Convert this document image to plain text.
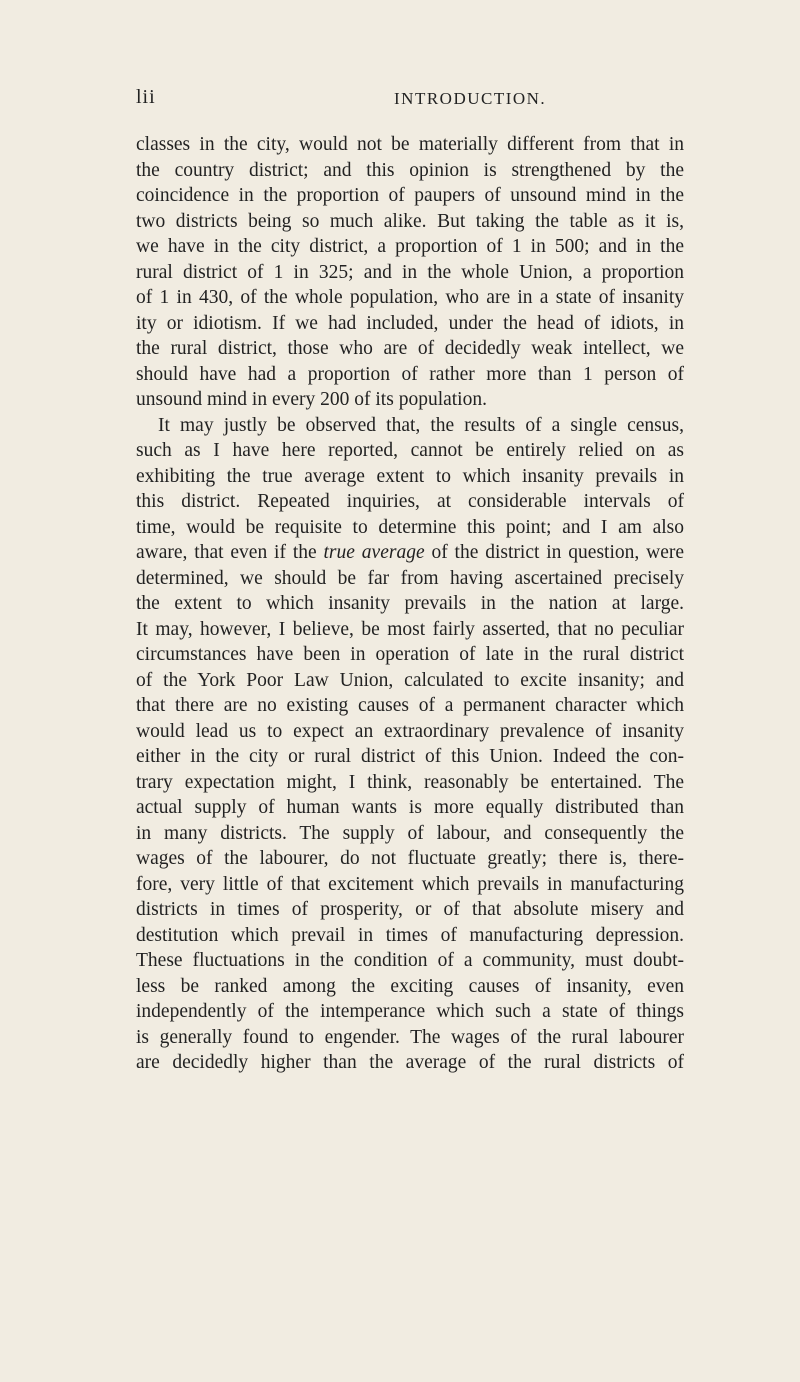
lii	INTRODUCTION.
classes in the city, would not be materially different from that in
the country district; and this opinion is strengthened by the
coincidence in the proportion of paupers of unsound mind in the
two districts being so much alike. But taking the table as it is,
we have in the city district, a proportion of 1 in 500; and in the
rural district of 1 in 325; and in the whole Union, a proportion
of 1 in 430, of the whole population, who are in a state of insanity
ity or idiotism. If we had included, under the head of idiots, in
the rural district, those who are of decidedly weak intellect, we
should have had a proportion of rather more than 1 person of
unsound mind in every 200 of its population.
It may justly be observed that, the results of a single census,
such as I have here reported, cannot be entirely relied on as
exhibiting the true average extent to which insanity prevails in
this district. Repeated inquiries, at considerable intervals of
time, would be requisite to determine this point; and I am also
aware, that even if the true average of the district in question, were
determined, we should be far from having ascertained precisely
the extent to which insanity prevails in the nation at large.
It may, however, I believe, be most fairly asserted, that no peculiar
circumstances have been in operation of late in the rural district
of the York Poor Law Union, calculated to excite insanity; and
that there are no existing causes of a permanent character which
would lead us to expect an extraordinary prevalence of insanity
either in the city or rural district of this Union. Indeed the con-
trary expectation might, I think, reasonably be entertained. The
actual supply of human wants is more equally distributed than
in many districts. The supply of labour, and consequently the
wages of the labourer, do not fluctuate greatly; there is, there-
fore, very little of that excitement which prevails in manufacturing
districts in times of prosperity, or of that absolute misery and
destitution which prevail in times of manufacturing depression.
These fluctuations in the condition of a community, must doubt-
less be ranked among the exciting causes of insanity, even
independently of the intemperance which such a state of things
is generally found to engender. The wages of the rural labourer
are decidedly higher than the average of the rural districts of
